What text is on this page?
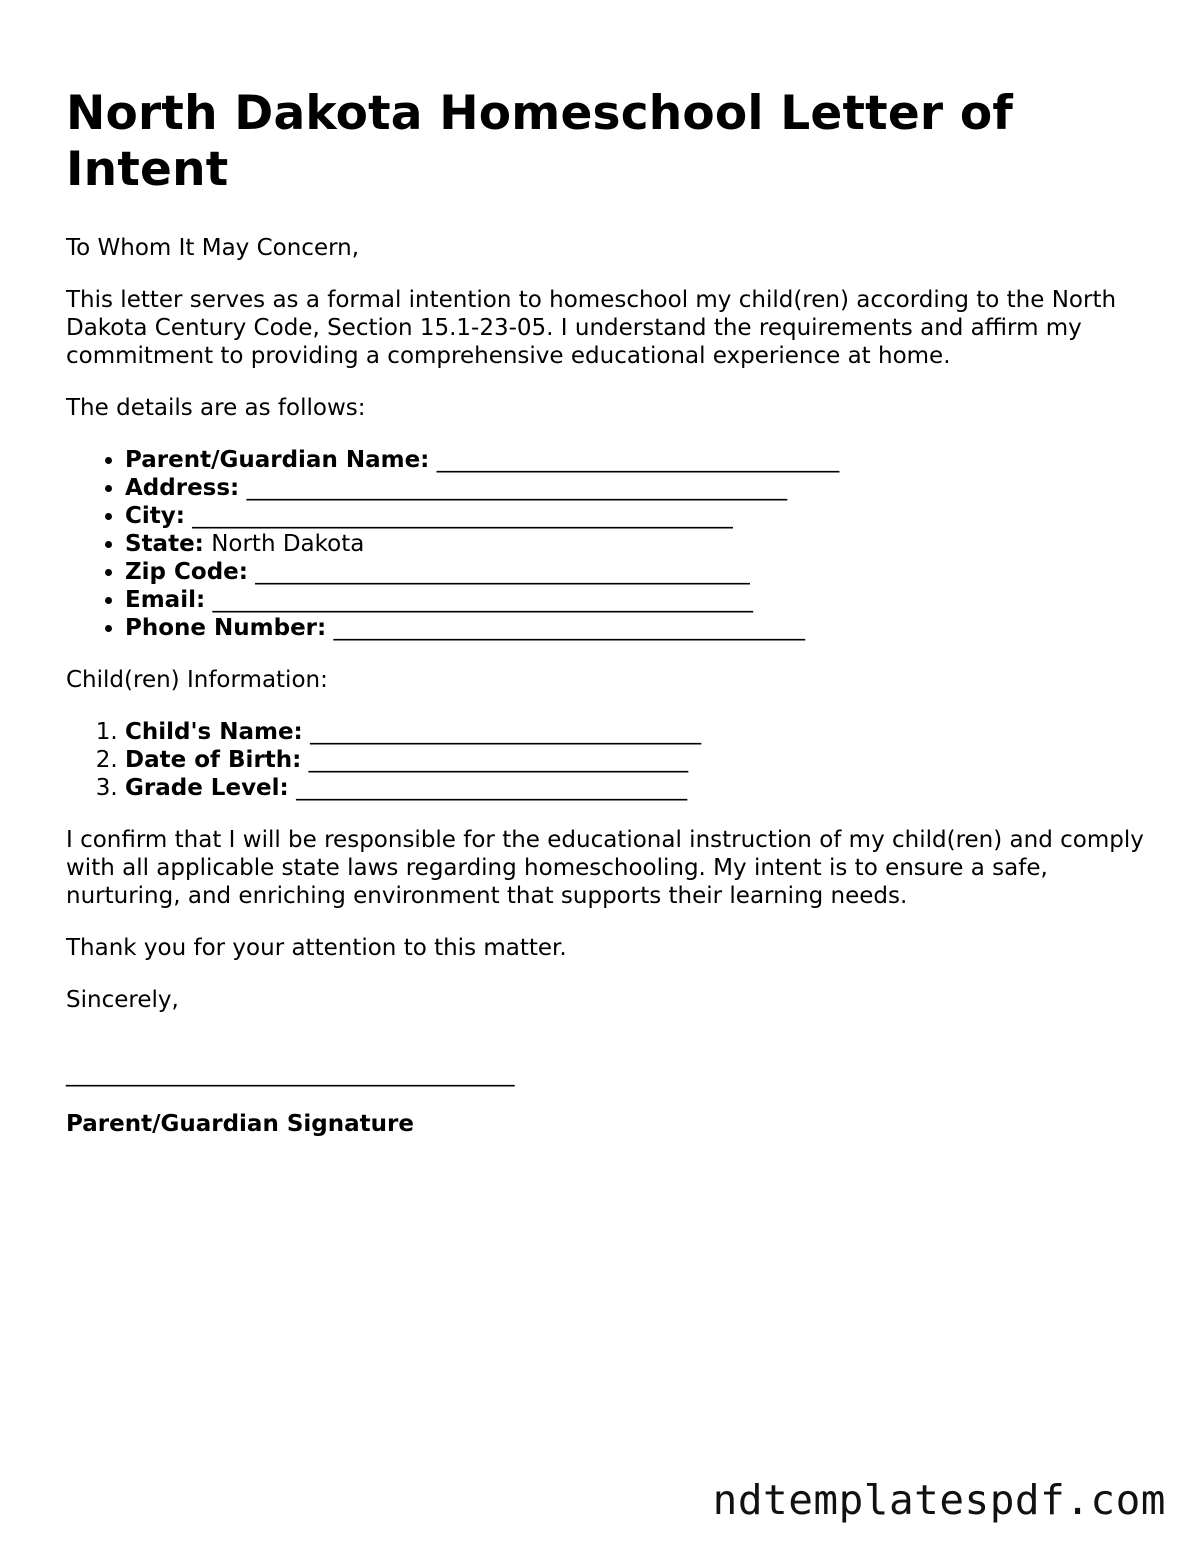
North Dakota Homeschool Letter of Intent

To Whom It May Concern,

This letter serves as a formal intention to homeschool my child(ren) according to the North Dakota Century Code, Section 15.1-23-05. I understand the requirements and affirm my commitment to providing a comprehensive educational experience at home.

The details are as follows:

• Parent/Guardian Name: ___________________________________
• Address: _______________________________________________
• City: _______________________________________________
• State: North Dakota
• Zip Code: ___________________________________________
• Email: _______________________________________________
• Phone Number: _________________________________________

Child(ren) Information:

1. Child's Name: __________________________________
2. Date of Birth: _________________________________
3. Grade Level: __________________________________

I confirm that I will be responsible for the educational instruction of my child(ren) and comply with all applicable state laws regarding homeschooling. My intent is to ensure a safe, nurturing, and enriching environment that supports their learning needs.

Thank you for your attention to this matter.

Sincerely,

_______________________________________

Parent/Guardian Signature

ndtemplatespdf.com
